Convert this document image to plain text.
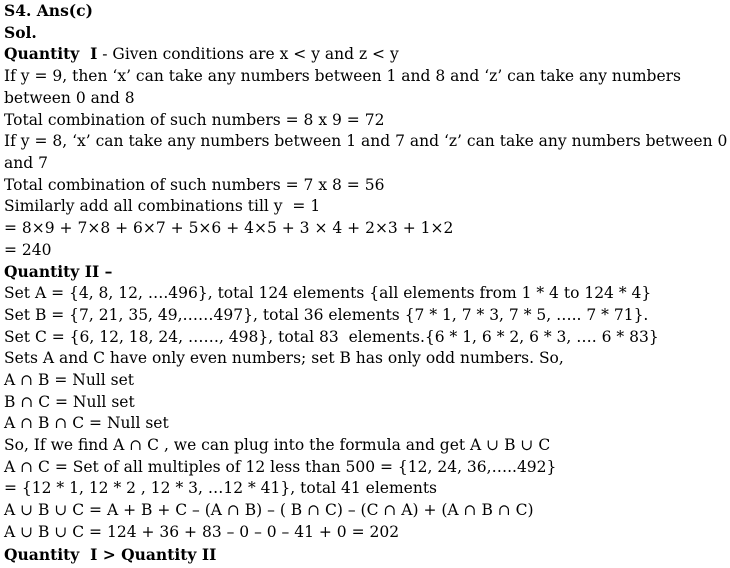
S4. Ans(c)
Sol.
Quantity  I - Given conditions are x < y and z < y
If y = 9, then ‘x’ can take any numbers between 1 and 8 and ‘z’ can take any numbers
between 0 and 8
Total combination of such numbers = 8 x 9 = 72
If y = 8, ‘x’ can take any numbers between 1 and 7 and ‘z’ can take any numbers between 0
and 7
Total combination of such numbers = 7 x 8 = 56
Similarly add all combinations till y  = 1
= 8×9 + 7×8 + 6×7 + 5×6 + 4×5 + 3 × 4 + 2×3 + 1×2
= 240
Quantity II –
Set A = {4, 8, 12, ….496}, total 124 elements {all elements from 1 * 4 to 124 * 4}
Set B = {7, 21, 35, 49,……497}, total 36 elements {7 * 1, 7 * 3, 7 * 5, ….. 7 * 71}.
Set C = {6, 12, 18, 24, ……, 498}, total 83  elements.{6 * 1, 6 * 2, 6 * 3, …. 6 * 83}
Sets A and C have only even numbers; set B has only odd numbers. So,
A ∩ B = Null set
B ∩ C = Null set
A ∩ B ∩ C = Null set
So, If we find A ∩ C , we can plug into the formula and get A ∪ B ∪ C
A ∩ C = Set of all multiples of 12 less than 500 = {12, 24, 36,…..492}
= {12 * 1, 12 * 2 , 12 * 3, …12 * 41}, total 41 elements
A ∪ B ∪ C = A + B + C – (A ∩ B) – ( B ∩ C) – (C ∩ A) + (A ∩ B ∩ C)
A ∪ B ∪ C = 124 + 36 + 83 – 0 – 0 – 41 + 0 = 202
Quantity  I > Quantity II
